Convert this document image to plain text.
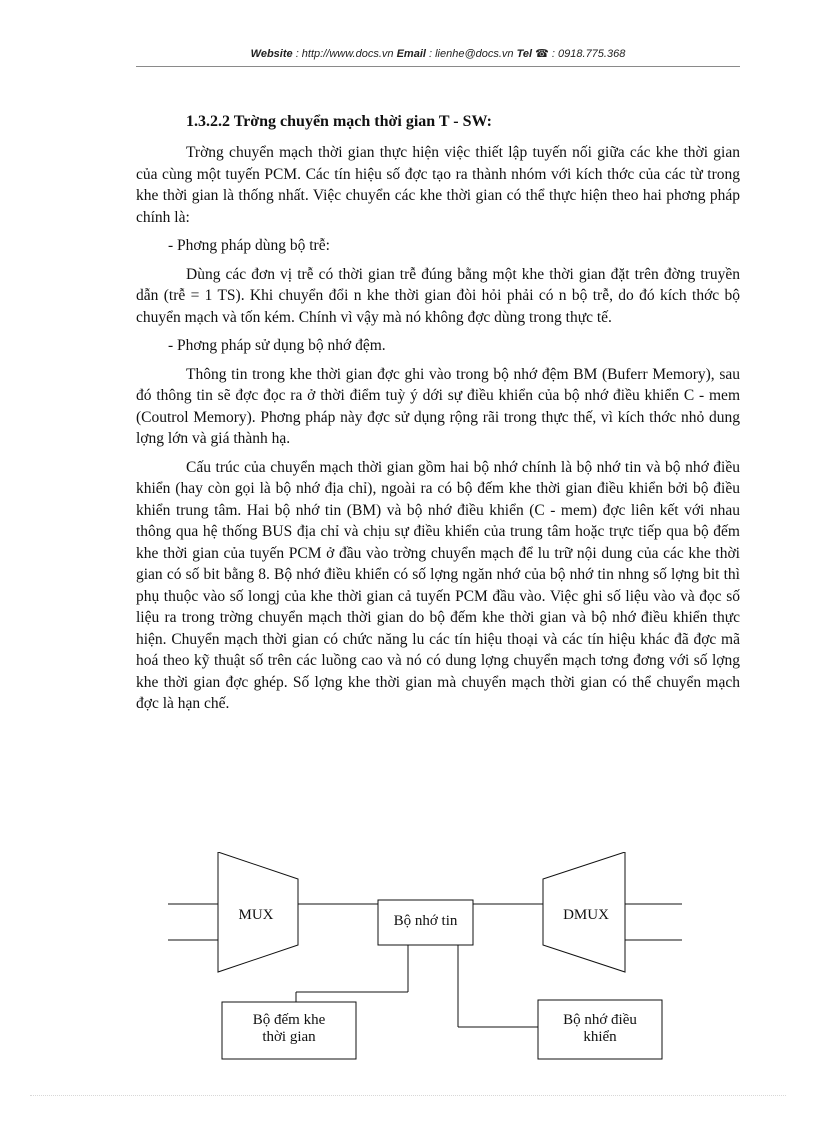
Website : http://www.docs.vn Email : lienhe@docs.vn Tel ☎ : 0918.775.368
1.3.2.2 Trờng chuyển mạch thời gian T - SW:

Trờng chuyển mạch thời gian thực hiện việc thiết lập tuyến nối giữa các khe thời gian của cùng một tuyến PCM. Các tín hiệu số đợc tạo ra thành nhóm với kích thớc của các từ trong khe thời gian là thống nhất. Việc chuyển các khe thời gian có thể thực hiện theo hai phơng pháp chính là:

- Phơng pháp dùng bộ trễ:

Dùng các đơn vị trễ có thời gian trễ đúng bằng một khe thời gian đặt trên đờng truyền dẫn (trễ = 1 TS). Khi chuyển đổi n khe thời gian đòi hỏi phải có n bộ trễ, do đó kích thớc bộ chuyển mạch và tốn kém. Chính vì vậy mà nó không đợc dùng trong thực tế.

- Phơng pháp sử dụng bộ nhớ đệm.

Thông tin trong khe thời gian đợc ghi vào trong bộ nhớ đệm BM (Buferr Memory), sau đó thông tin sẽ đợc đọc ra ở thời điểm tuỳ ý dới sự điều khiển của bộ nhớ điều khiển C - mem (Coutrol Memory). Phơng pháp này đợc sử dụng rộng rãi trong thực thế, vì kích thớc nhỏ dung lợng lớn và giá thành hạ.

Cấu trúc của chuyển mạch thời gian gồm hai bộ nhớ chính là bộ nhớ tin và bộ nhớ điều khiển (hay còn gọi là bộ nhớ địa chỉ), ngoài ra có bộ đếm khe thời gian điều khiển bởi bộ điều khiển trung tâm. Hai bộ nhớ tin (BM) và bộ nhớ điều khiển (C - mem) đợc liên kết với nhau thông qua hệ thống BUS địa chỉ và chịu sự điều khiển của trung tâm hoặc trực tiếp qua bộ đếm khe thời gian của tuyến PCM ở đầu vào trờng chuyển mạch để lu trữ nội dung của các khe thời gian có số bit bằng 8. Bộ nhớ điều khiển có số lợng ngăn nhớ của bộ nhớ tin nhng số lợng bit thì phụ thuộc vào số longj của khe thời gian cả tuyến PCM đầu vào. Việc ghi số liệu vào và đọc số liệu ra trong trờng chuyển mạch thời gian do bộ đếm khe thời gian và bộ nhớ điều khiển thực hiện. Chuyển mạch thời gian có chức năng lu các tín hiệu thoại và các tín hiệu khác đã đợc mã hoá theo kỹ thuật số trên các luồng cao và nó có dung lợng chuyển mạch tơng đơng với số lợng khe thời gian đợc ghép. Số lợng khe thời gian mà chuyển mạch thời gian có thể chuyển mạch đợc là hạn chế.

MUX	DMUX
Bộ nhớ tin
Bộ đếm khe
thời gian
Bộ nhớ điều
khiển
